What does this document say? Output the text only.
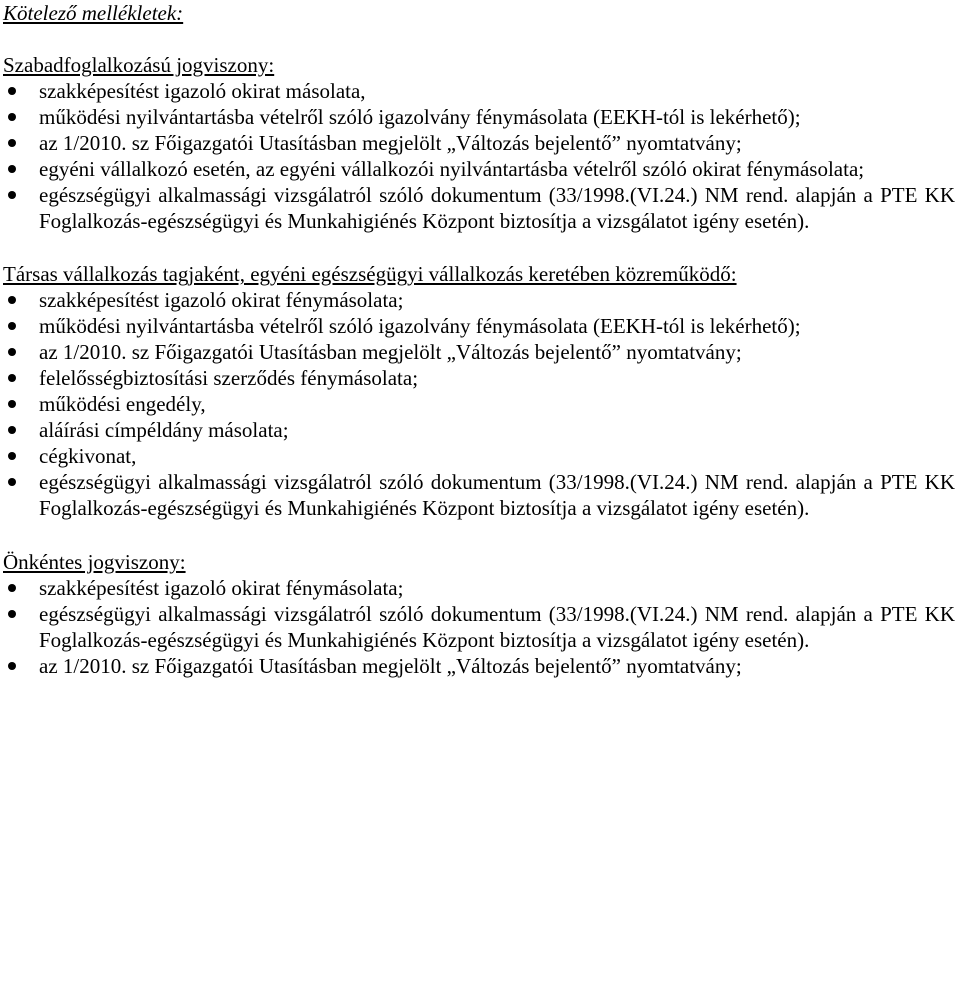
Kötelező mellékletek:

Szabadfoglalkozású jogviszony:

szakképesítést igazoló okirat másolata,
működési nyilvántartásba vételről szóló igazolvány fénymásolata (EEKH-tól is lekérhető);
az 1/2010. sz Főigazgatói Utasításban megjelölt „Változás bejelentő” nyomtatvány;
egyéni vállalkozó esetén, az egyéni vállalkozói nyilvántartásba vételről szóló okirat fénymásolata;
egészségügyi alkalmassági vizsgálatról szóló dokumentum (33/1998.(VI.24.) NM rend. alapján a PTE KK Foglalkozás-egészségügyi és Munkahigiénés Központ biztosítja a vizsgálatot igény esetén).

Társas vállalkozás tagjaként, egyéni egészségügyi vállalkozás keretében közreműködő:

szakképesítést igazoló okirat fénymásolata;
működési nyilvántartásba vételről szóló igazolvány fénymásolata (EEKH-tól is lekérhető);
az 1/2010. sz Főigazgatói Utasításban megjelölt „Változás bejelentő” nyomtatvány;
felelősségbiztosítási szerződés fénymásolata;
működési engedély,
aláírási címpéldány másolata;
cégkivonat,
egészségügyi alkalmassági vizsgálatról szóló dokumentum (33/1998.(VI.24.) NM rend. alapján a PTE KK Foglalkozás-egészségügyi és Munkahigiénés Központ biztosítja a vizsgálatot igény esetén).

Önkéntes jogviszony:

szakképesítést igazoló okirat fénymásolata;
egészségügyi alkalmassági vizsgálatról szóló dokumentum (33/1998.(VI.24.) NM rend. alapján a PTE KK Foglalkozás-egészségügyi és Munkahigiénés Központ biztosítja a vizsgálatot igény esetén).
az 1/2010. sz Főigazgatói Utasításban megjelölt „Változás bejelentő” nyomtatvány;
